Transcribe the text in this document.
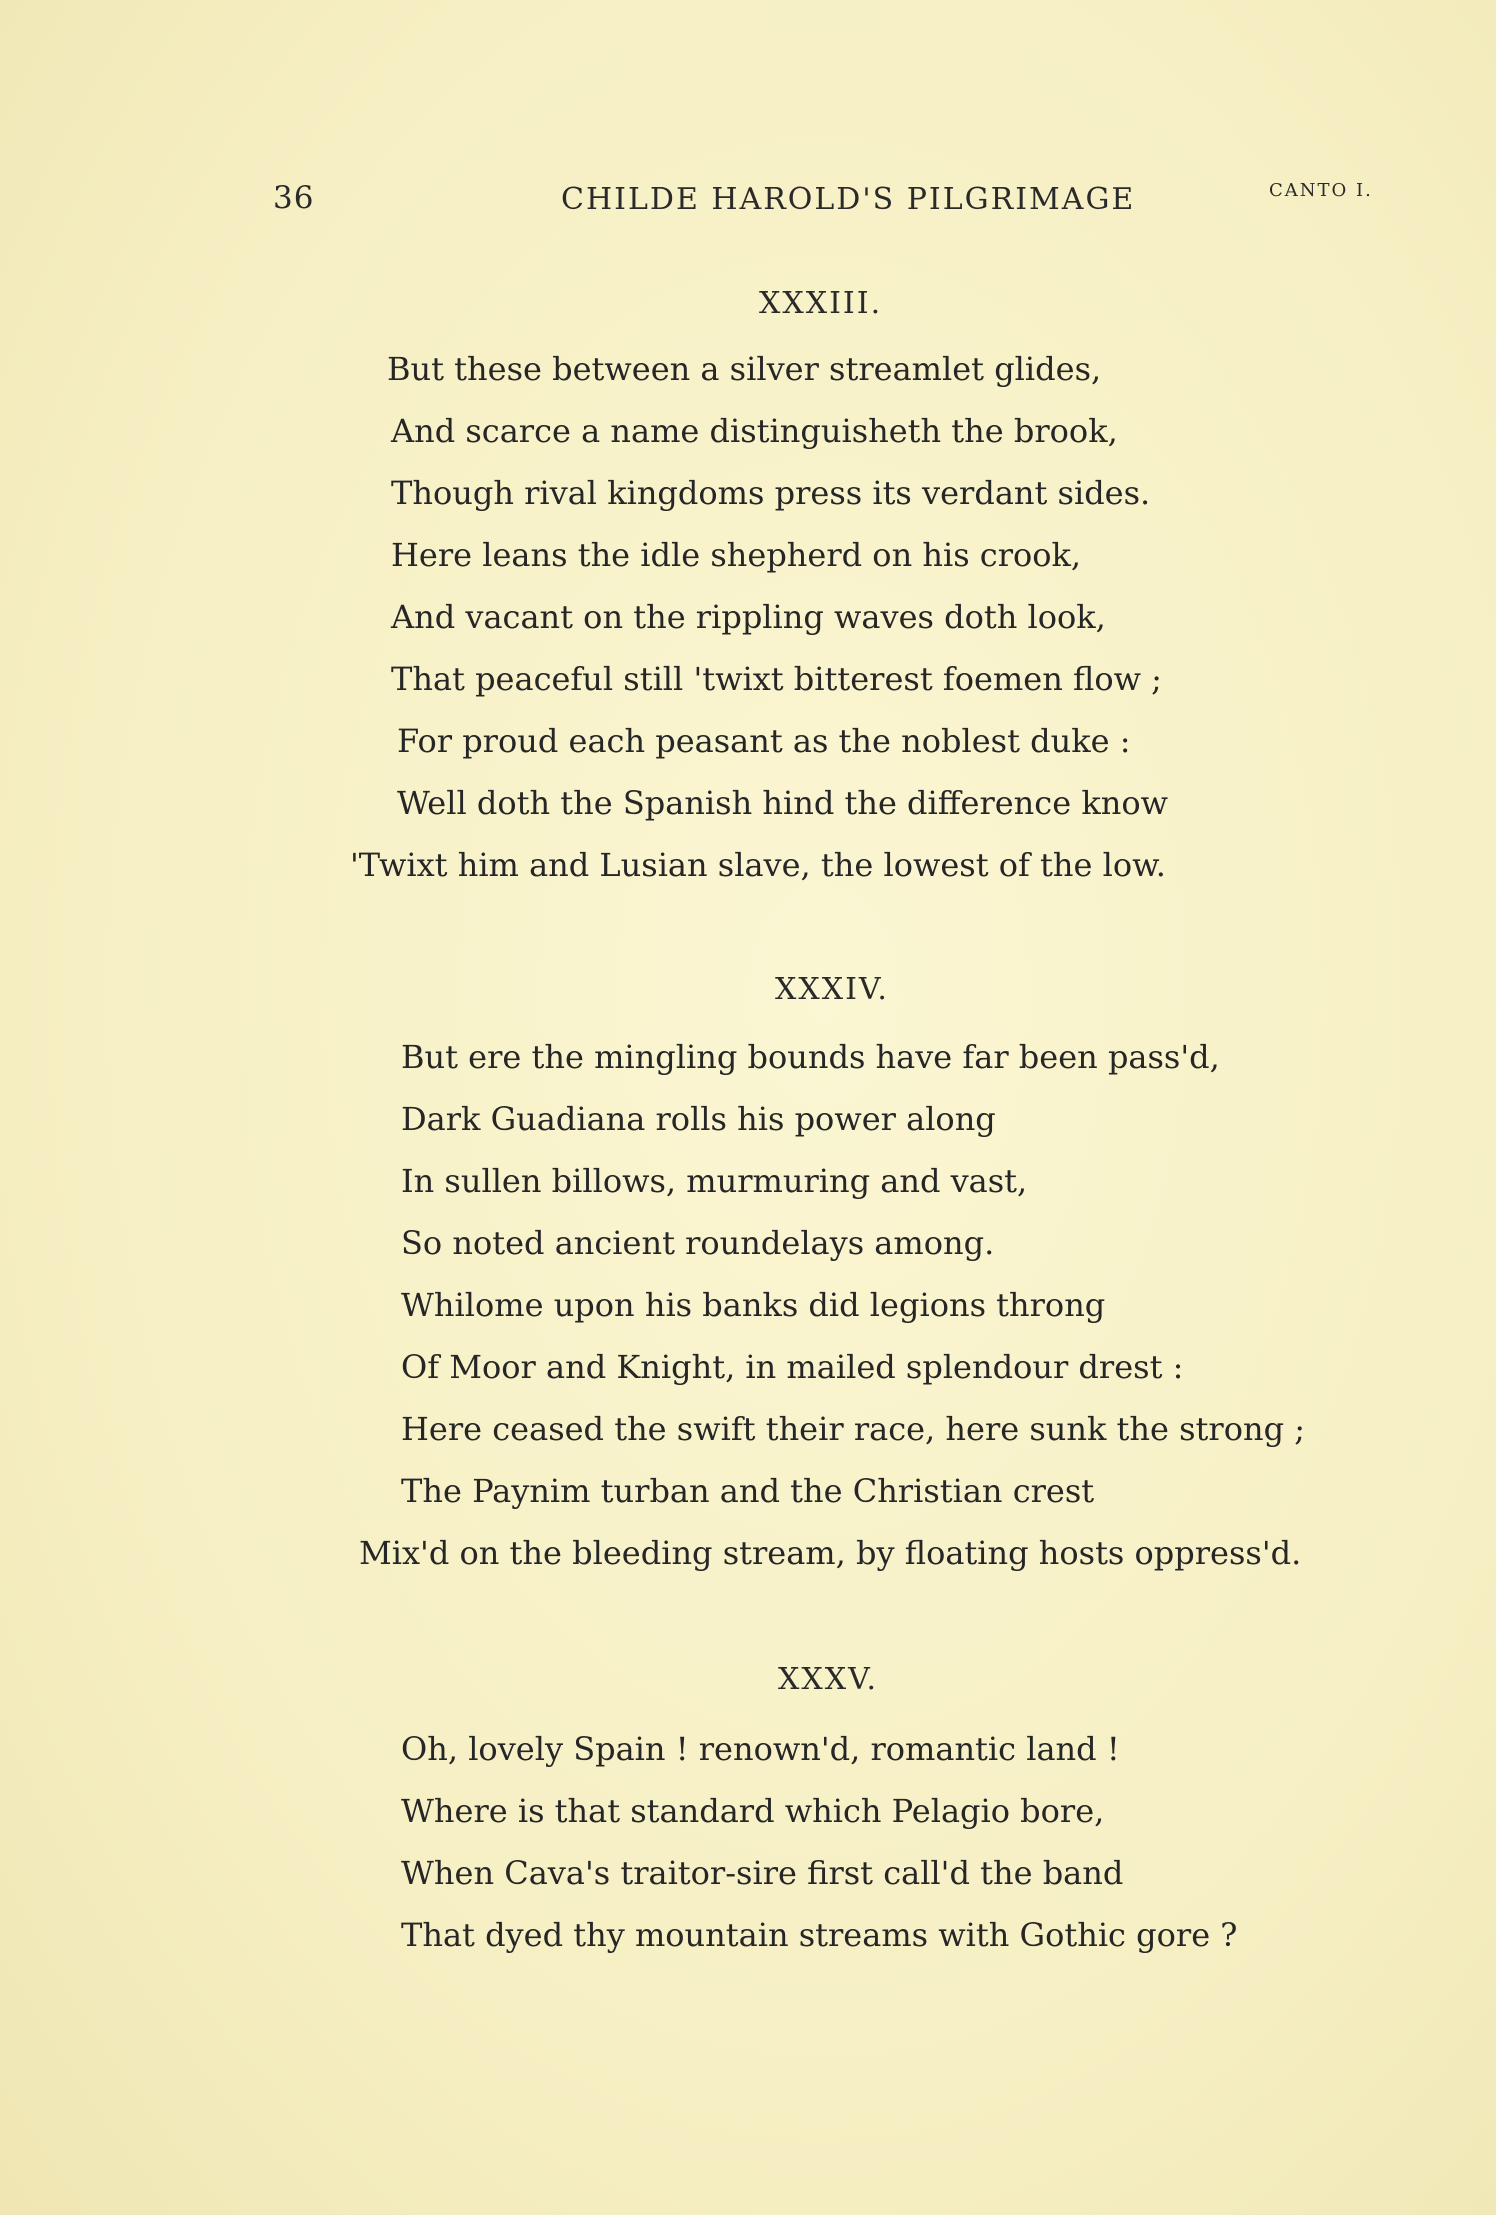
36	CHILDE HAROLD'S PILGRIMAGE	CANTO I.
XXXIII.
But these between a silver streamlet glides,
And scarce a name distinguisheth the brook,
Though rival kingdoms press its verdant sides.
Here leans the idle shepherd on his crook,
And vacant on the rippling waves doth look,
That peaceful still 'twixt bitterest foemen flow ;
For proud each peasant as the noblest duke :
Well doth the Spanish hind the difference know
'Twixt him and Lusian slave, the lowest of the low.
XXXIV.
But ere the mingling bounds have far been pass'd,
Dark Guadiana rolls his power along
In sullen billows, murmuring and vast,
So noted ancient roundelays among.
Whilome upon his banks did legions throng
Of Moor and Knight, in mailed splendour drest :
Here ceased the swift their race, here sunk the strong ;
The Paynim turban and the Christian crest
Mix'd on the bleeding stream, by floating hosts oppress'd.
XXXV.
Oh, lovely Spain ! renown'd, romantic land !
Where is that standard which Pelagio bore,
When Cava's traitor-sire first call'd the band
That dyed thy mountain streams with Gothic gore ?
